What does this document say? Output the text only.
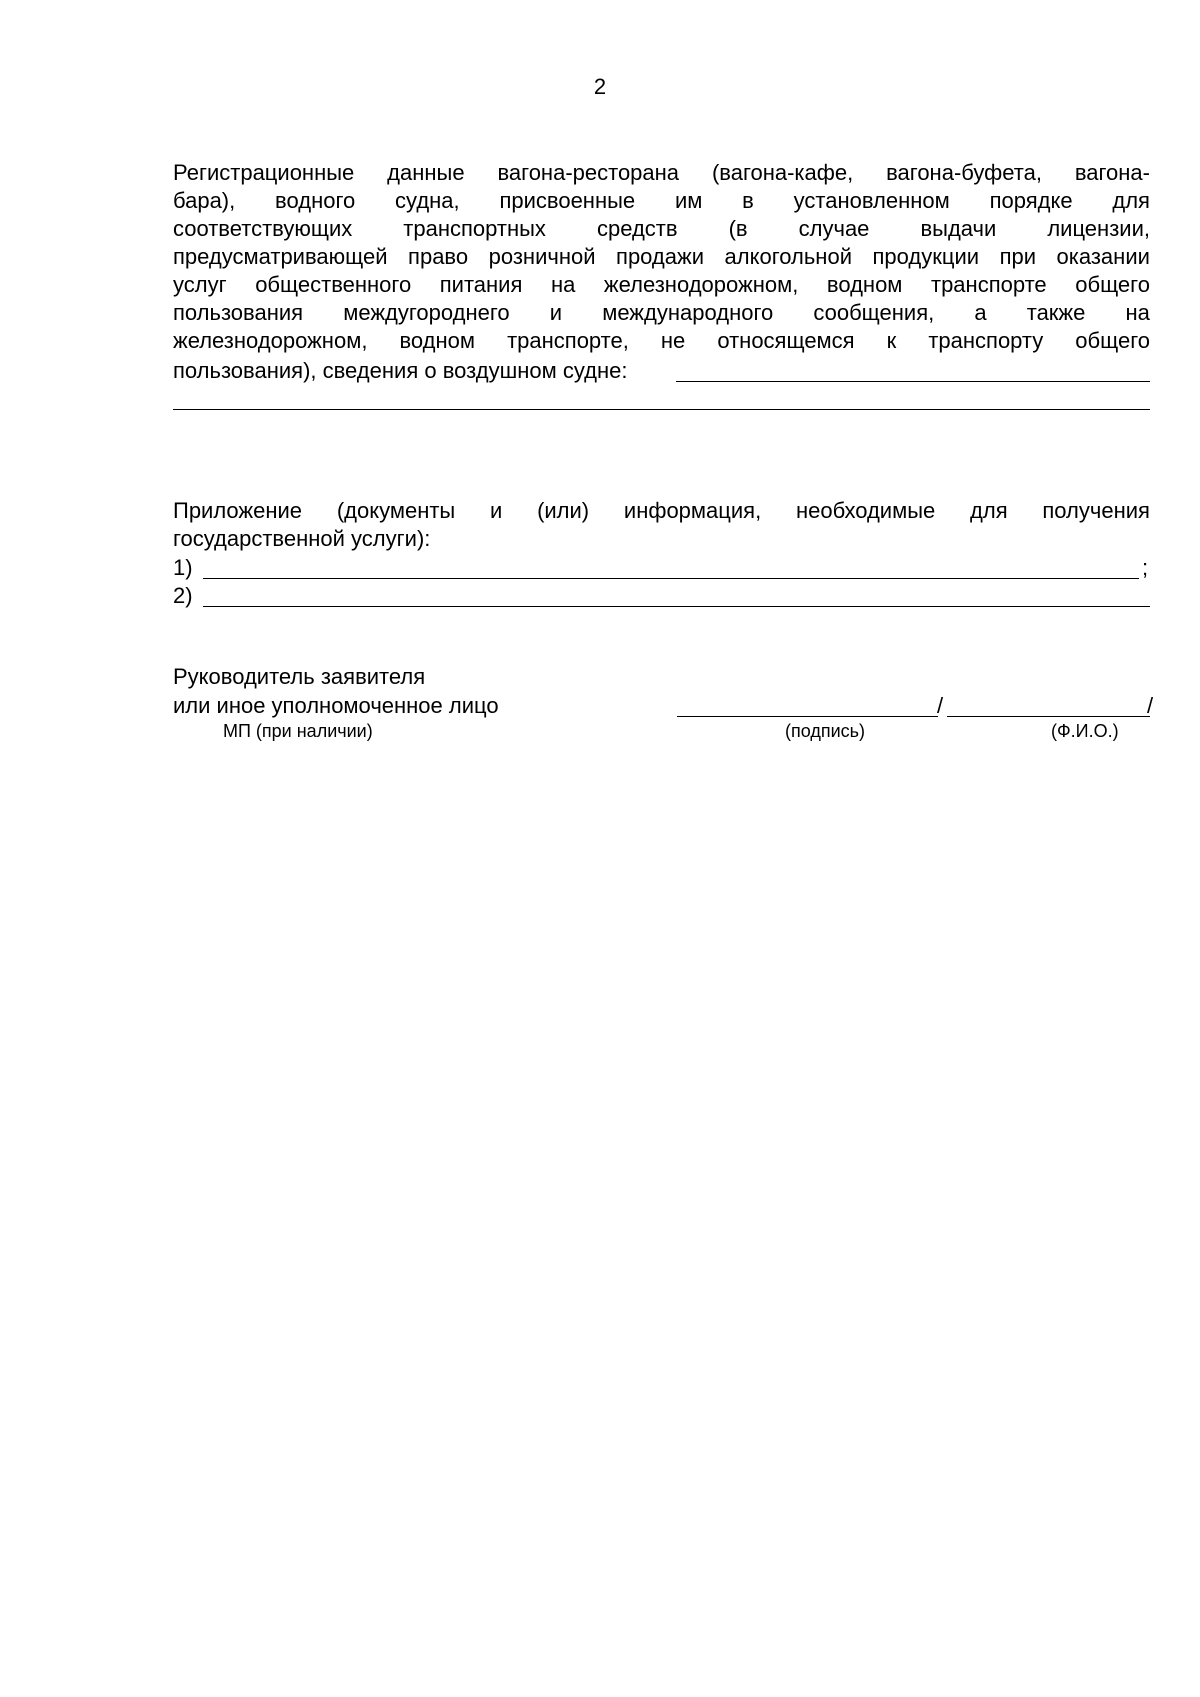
2
Регистрационные данные вагона-ресторана (вагона-кафе, вагона-буфета, вагона-
бара), водного судна, присвоенные им в установленном порядке для
соответствующих транспортных средств (в случае выдачи лицензии,
предусматривающей право розничной продажи алкогольной продукции при оказании
услуг общественного питания на железнодорожном, водном транспорте общего
пользования междугороднего и международного сообщения, а также на
железнодорожном, водном транспорте, не относящемся к транспорту общего
пользования), сведения о воздушном судне:
Приложение (документы и (или) информация, необходимые для получения
государственной услуги):
1)	;
2)
Руководитель заявителя
или иное уполномоченное лицо	/	/
МП (при наличии)	(подпись)	(Ф.И.О.)
